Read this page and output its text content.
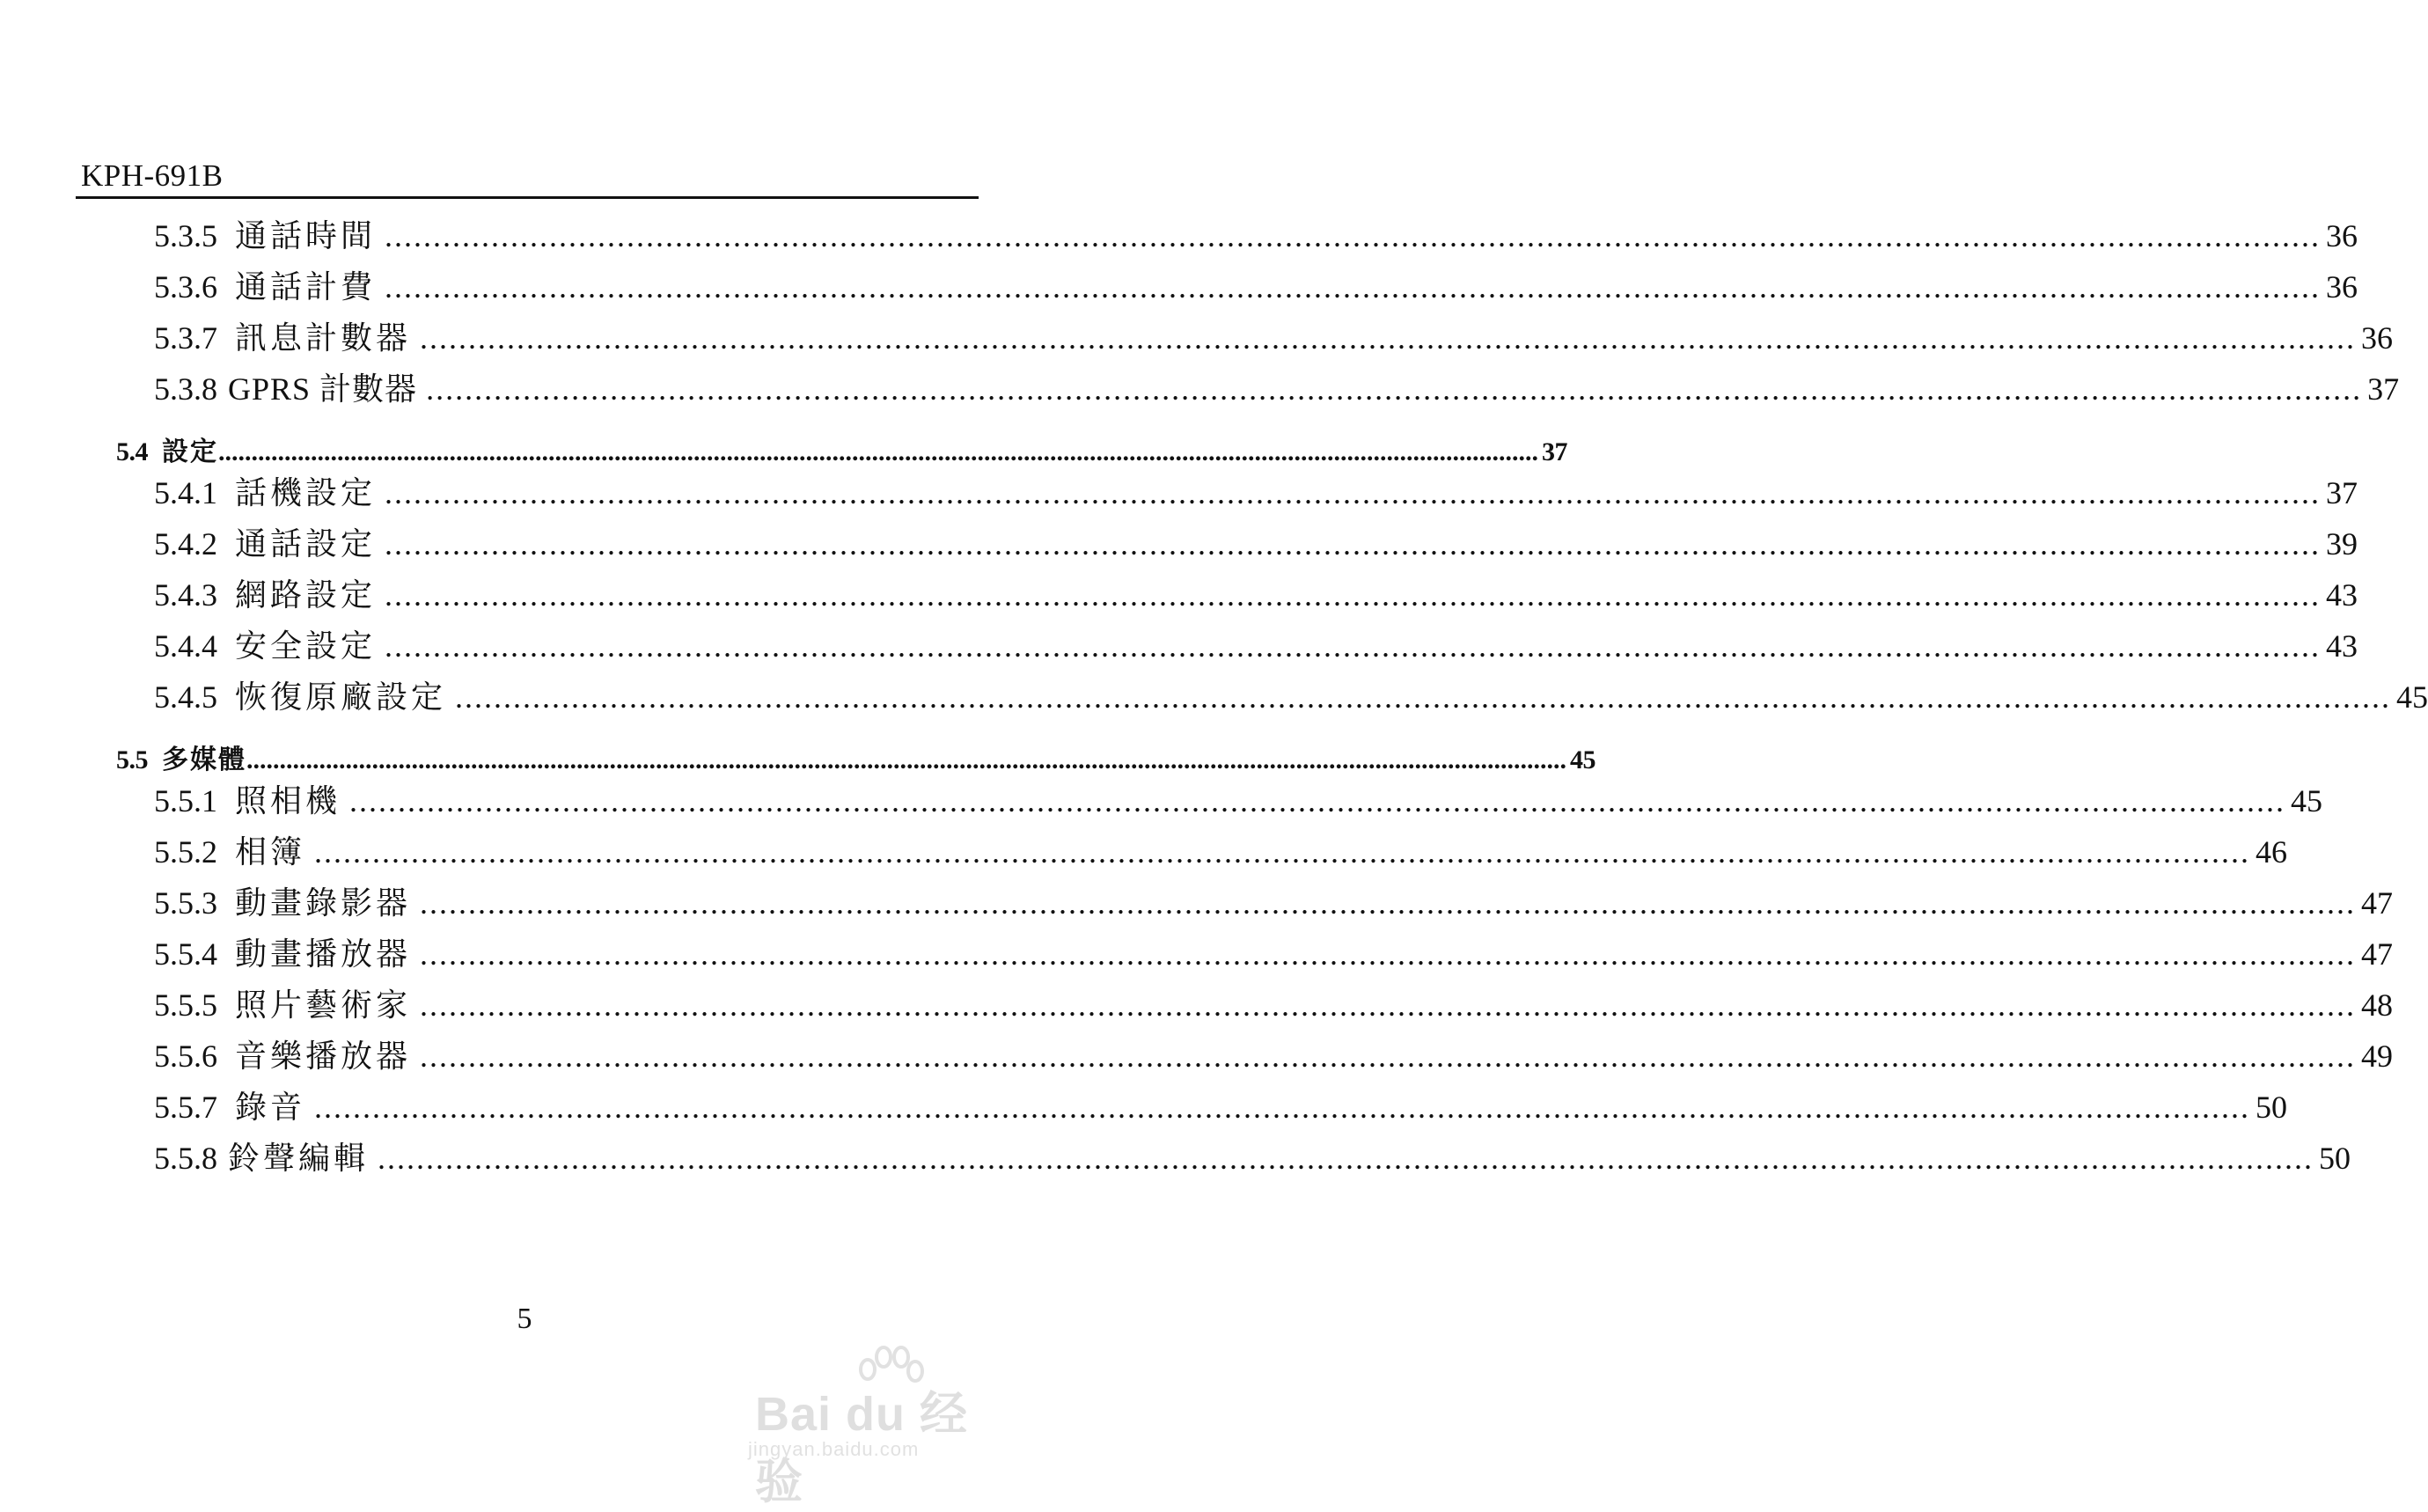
KPH-691B
5.3.5 通話時間 ........................................................................................................................................................................................................ 36
5.3.6 通話計費 ........................................................................................................................................................................................................ 36
5.3.7 訊息計數器 ........................................................................................................................................................................................................ 36
5.3.8 GPRS 計數器 ........................................................................................................................................................................................................ 37
5.4 設定 ........................................................................................................................................................................................................ 37
5.4.1 話機設定 ........................................................................................................................................................................................................ 37
5.4.2 通話設定 ........................................................................................................................................................................................................ 39
5.4.3 網路設定 ........................................................................................................................................................................................................ 43
5.4.4 安全設定 ........................................................................................................................................................................................................ 43
5.4.5 恢復原廠設定 ........................................................................................................................................................................................................ 45
5.5 多媒體 ........................................................................................................................................................................................................ 45
5.5.1 照相機 ........................................................................................................................................................................................................ 45
5.5.2 相簿 ........................................................................................................................................................................................................ 46
5.5.3 動畫錄影器 ........................................................................................................................................................................................................ 47
5.5.4 動畫播放器 ........................................................................................................................................................................................................ 47
5.5.5 照片藝術家 ........................................................................................................................................................................................................ 48
5.5.6 音樂播放器 ........................................................................................................................................................................................................ 49
5.5.7 錄音 ........................................................................................................................................................................................................ 50
5.5.8 鈴聲編輯 ........................................................................................................................................................................................................ 50
5
Bai du 经验
jingyan.baidu.com
